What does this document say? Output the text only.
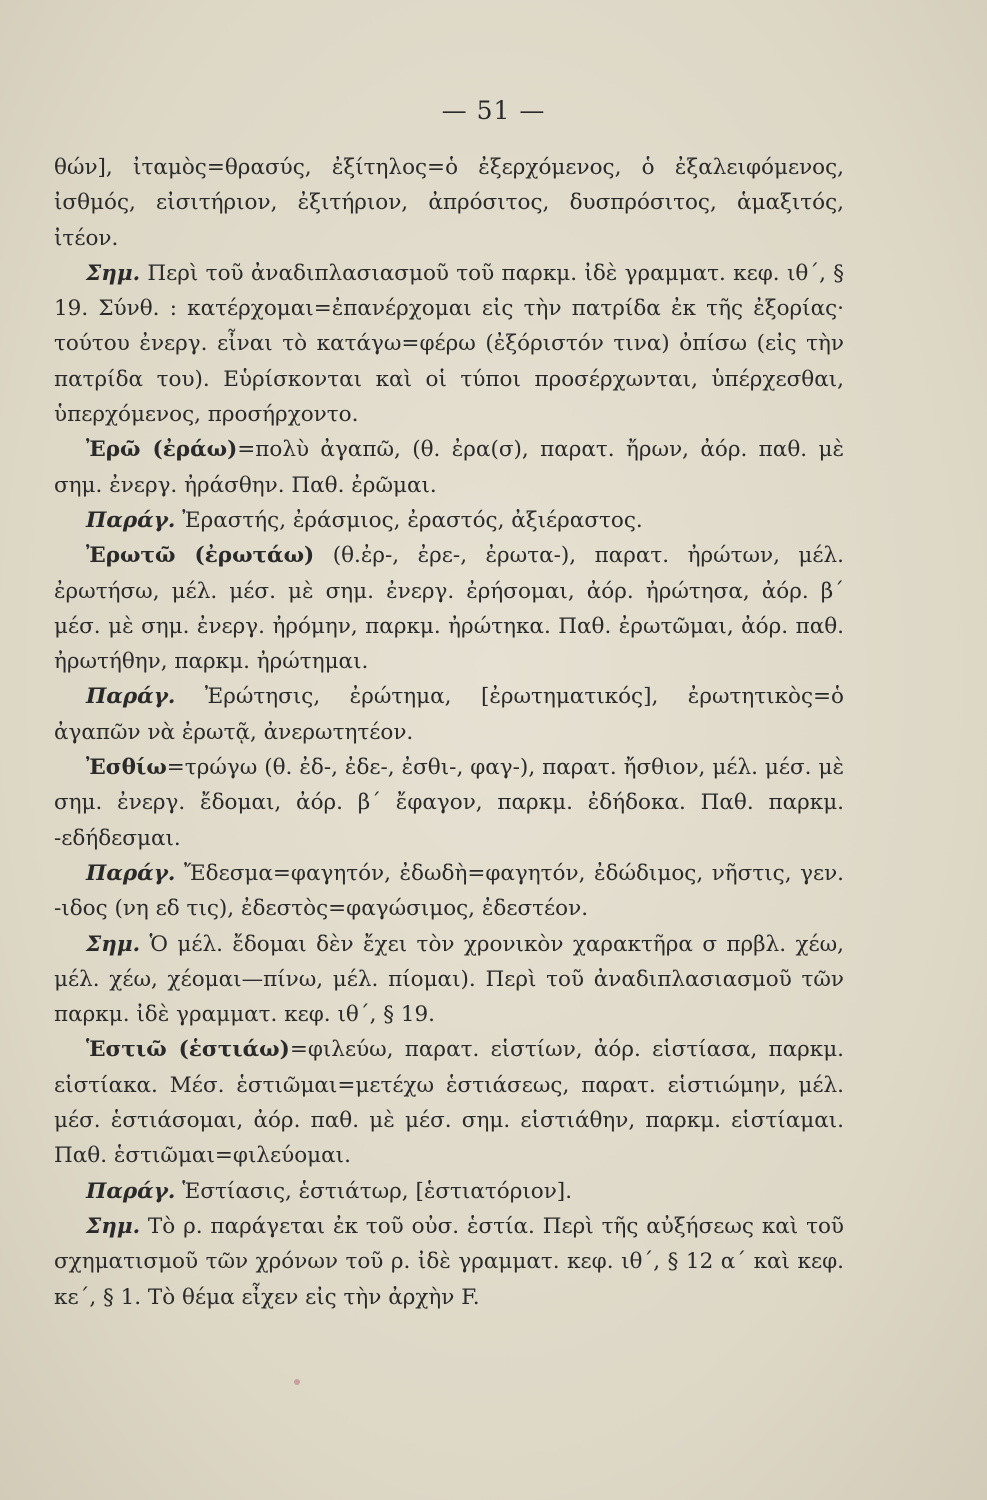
— 51 —

θών], ἰταμὸς=θρασύς, ἐξίτηλος=ὁ ἐξερχόμενος, ὁ ἐξαλειφόμενος, ἰσθμός, εἰσιτήριον, ἐξιτήριον, ἀπρόσιτος, δυσπρόσιτος, ἁμαξιτός, ἰτέον.

Σημ. Περὶ τοῦ ἀναδιπλασιασμοῦ τοῦ παρκμ. ἰδὲ γραμματ. κεφ. ιθ΄, § 19. Σύνθ. : κατέρχομαι=ἐπανέρχομαι εἰς τὴν πατρίδα ἐκ τῆς ἐξορίας· τούτου ἐνεργ. εἶναι τὸ κατάγω=φέρω (ἐξόριστόν τινα) ὀπίσω (εἰς τὴν πατρίδα του). Εὑρίσκονται καὶ οἱ τύποι προσέρχωνται, ὑπέρχεσθαι, ὑπερχόμενος, προσήρχοντο.

Ἐρῶ (ἐράω)=πολὺ ἀγαπῶ, (θ. ἐρα(σ), παρατ. ἤρων, ἀόρ. παθ. μὲ σημ. ἐνεργ. ἠράσθην. Παθ. ἐρῶμαι.

Παράγ. Ἐραστής, ἐράσμιος, ἐραστός, ἀξιέραστος.

Ἐρωτῶ (ἐρωτάω) (θ.ἐρ-, ἐρε-, ἐρωτα-), παρατ. ἠρώτων, μέλ. ἐρωτήσω, μέλ. μέσ. μὲ σημ. ἐνεργ. ἐρήσομαι, ἀόρ. ἠρώτησα, ἀόρ. β΄ μέσ. μὲ σημ. ἐνεργ. ἠρόμην, παρκμ. ἠρώτηκα. Παθ. ἐρωτῶμαι, ἀόρ. παθ. ἠρωτήθην, παρκμ. ἠρώτημαι.

Παράγ. Ἐρώτησις, ἐρώτημα, [ἐρωτηματικός], ἐρωτητικὸς=ὁ ἀγαπῶν νὰ ἐρωτᾷ, ἀνερωτητέον.

Ἐσθίω=τρώγω (θ. ἐδ-, ἐδε-, ἐσθι-, φαγ-), παρατ. ἤσθιον, μέλ. μέσ. μὲ σημ. ἐνεργ. ἔδομαι, ἀόρ. β΄ ἔφαγον, παρκμ. ἐδήδοκα. Παθ. παρκμ. -εδήδεσμαι.

Παράγ. Ἔδεσμα=φαγητόν, ἐδωδὴ=φαγητόν, ἐδώδιμος, νῆστις, γεν. -ιδος (νη εδ τις), ἐδεστὸς=φαγώσιμος, ἐδεστέον.

Σημ. Ὁ μέλ. ἔδομαι δὲν ἔχει τὸν χρονικὸν χαρακτῆρα σ πρβλ. χέω, μέλ. χέω, χέομαι—πίνω, μέλ. πίομαι). Περὶ τοῦ ἀναδιπλασιασμοῦ τῶν παρκμ. ἰδὲ γραμματ. κεφ. ιθ΄, § 19.

Ἑστιῶ (ἑστιάω)=φιλεύω, παρατ. εἱστίων, ἀόρ. εἱστίασα, παρκμ. εἱστίακα. Μέσ. ἑστιῶμαι=μετέχω ἑστιάσεως, παρατ. εἱστιώμην, μέλ. μέσ. ἑστιάσομαι, ἀόρ. παθ. μὲ μέσ. σημ. εἱστιάθην, παρκμ. εἱστίαμαι. Παθ. ἑστιῶμαι=φιλεύομαι.

Παράγ. Ἑστίασις, ἑστιάτωρ, [ἑστιατόριον].

Σημ. Τὸ ρ. παράγεται ἐκ τοῦ οὐσ. ἑστία. Περὶ τῆς αὐξήσεως καὶ τοῦ σχηματισμοῦ τῶν χρόνων τοῦ ρ. ἰδὲ γραμματ. κεφ. ιθ΄, § 12 α΄ καὶ κεφ. κε΄, § 1. Τὸ θέμα εἶχεν εἰς τὴν ἀρχὴν F.
